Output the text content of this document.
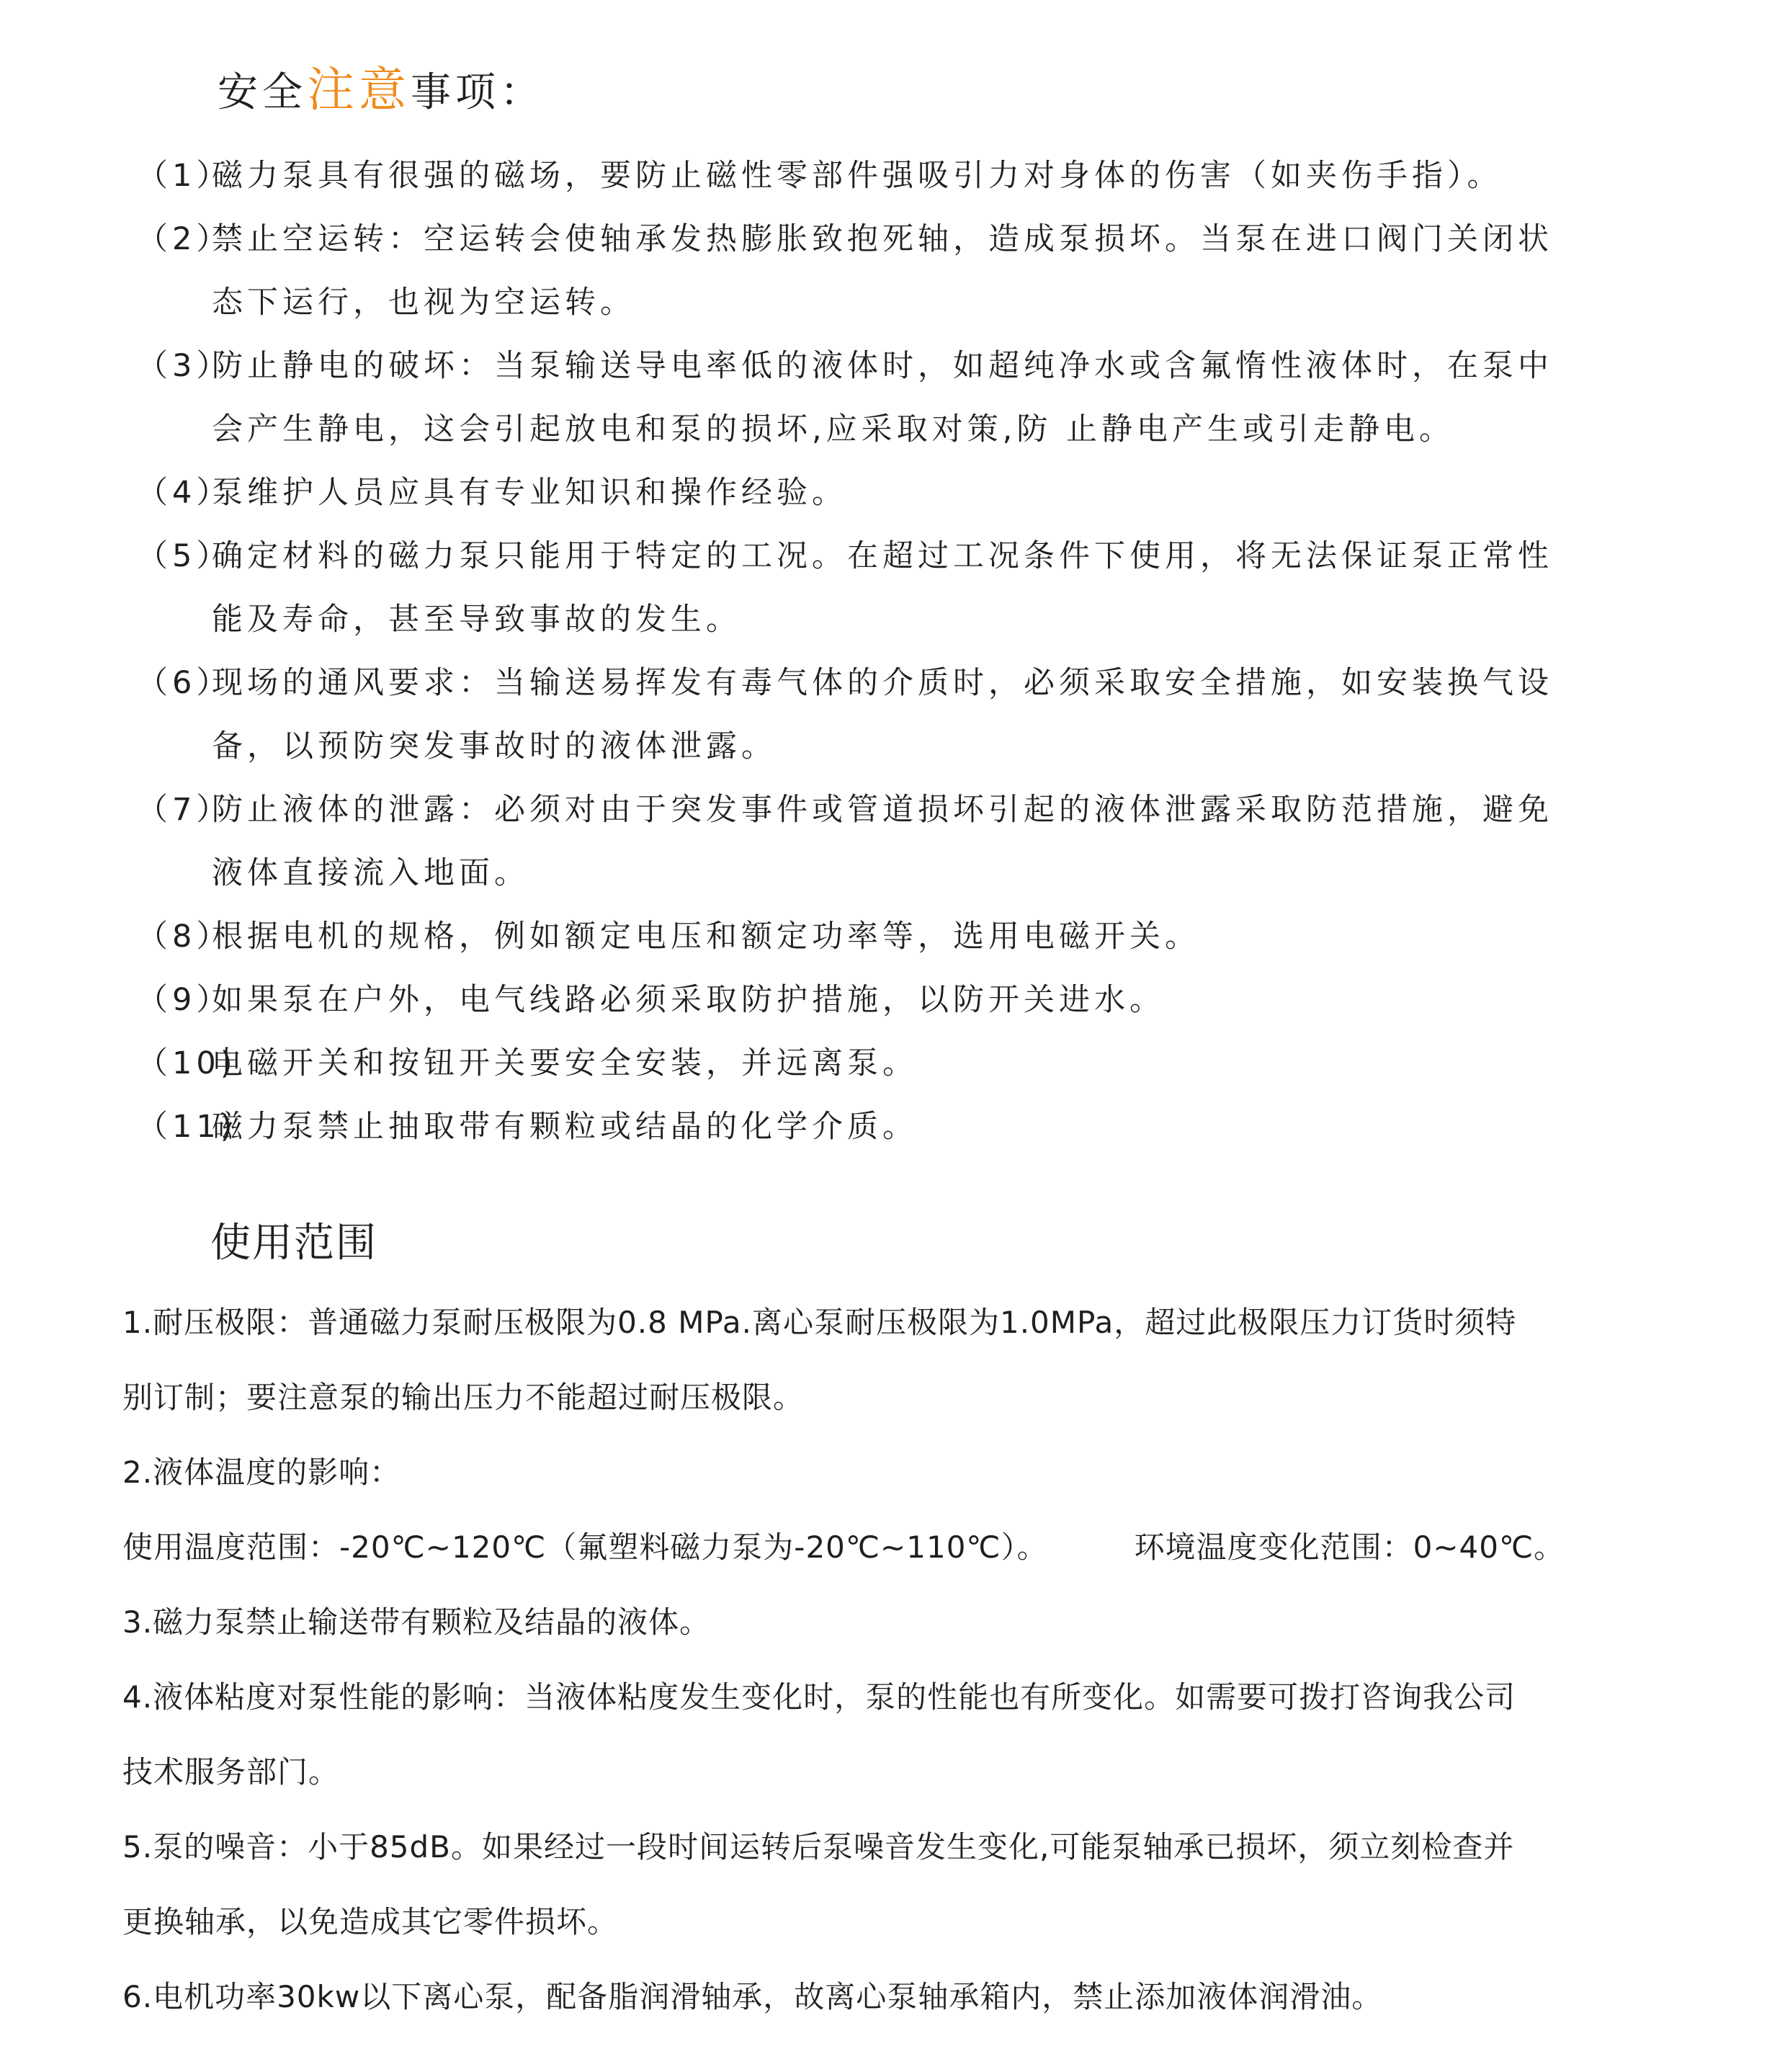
安全注意事项：
（1）
磁力泵具有很强的磁场，要防止磁性零部件强吸引力对身体的伤害（如夹伤手指）。
（2）
禁止空运转：空运转会使轴承发热膨胀致抱死轴，造成泵损坏。当泵在进口阀门关闭状
态下运行，也视为空运转。
（3）
防止静电的破坏：当泵输送导电率低的液体时，如超纯净水或含氟惰性液体时，在泵中
会产生静电，这会引起放电和泵的损坏,应采取对策,防 止静电产生或引走静电。
（4）
泵维护人员应具有专业知识和操作经验。
（5）
确定材料的磁力泵只能用于特定的工况。在超过工况条件下使用，将无法保证泵正常性
能及寿命，甚至导致事故的发生。
（6）
现场的通风要求：当输送易挥发有毒气体的介质时，必须采取安全措施，如安装换气设
备，以预防突发事故时的液体泄露。
（7）
防止液体的泄露：必须对由于突发事件或管道损坏引起的液体泄露采取防范措施，避免
液体直接流入地面。
（8）
根据电机的规格，例如额定电压和额定功率等，选用电磁开关。
（9）
如果泵在户外，电气线路必须采取防护措施，以防开关进水。
（10)
电磁开关和按钮开关要安全安装，并远离泵。
（11)
磁力泵禁止抽取带有颗粒或结晶的化学介质。
使用范围
1.耐压极限：普通磁力泵耐压极限为0.8 MPa.离心泵耐压极限为1.0MPa，超过此极限压力订货时须特
别订制；要注意泵的输出压力不能超过耐压极限。
2.液体温度的影响：
使用温度范围：-20℃~120℃（氟塑料磁力泵为-20℃~110℃）。	环境温度变化范围：0~40℃。
3.磁力泵禁止输送带有颗粒及结晶的液体。
4.液体粘度对泵性能的影响：当液体粘度发生变化时，泵的性能也有所变化。如需要可拨打咨询我公司
技术服务部门。
5.泵的噪音：小于85dB。如果经过一段时间运转后泵噪音发生变化,可能泵轴承已损坏，须立刻检查并
更换轴承，以免造成其它零件损坏。
6.电机功率30kw以下离心泵，配备脂润滑轴承，故离心泵轴承箱内，禁止添加液体润滑油。
